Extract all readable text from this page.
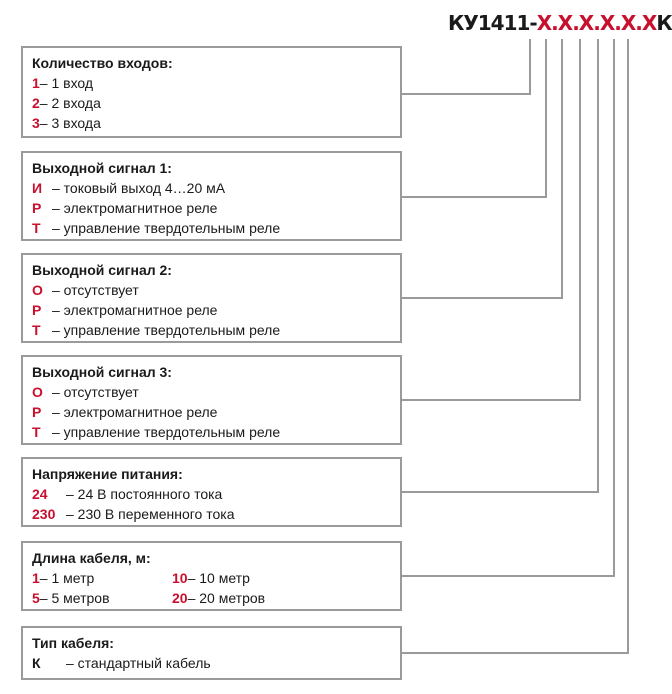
КУ1411-Х.Х.Х.Х.Х.ХК
Количество входов:
1 – 1 вход
2 – 2 входа
3 – 3 входа
Выходной сигнал 1:
И – токовый выход 4…20 мА
Р – электромагнитное реле
Т – управление твердотельным реле
Выходной сигнал 2:
О – отсутствует
Р – электромагнитное реле
Т – управление твердотельным реле
Выходной сигнал 3:
О – отсутствует
Р – электромагнитное реле
Т – управление твердотельным реле
Напряжение питания:
24	– 24 В постоянного тока
230 – 230 В переменного тока
Длина кабеля, м:
1 – 1 метр
5 – 5 метров
10 – 10 метр
20 – 20 метров
Тип кабеля:
К	– стандартный кабель
